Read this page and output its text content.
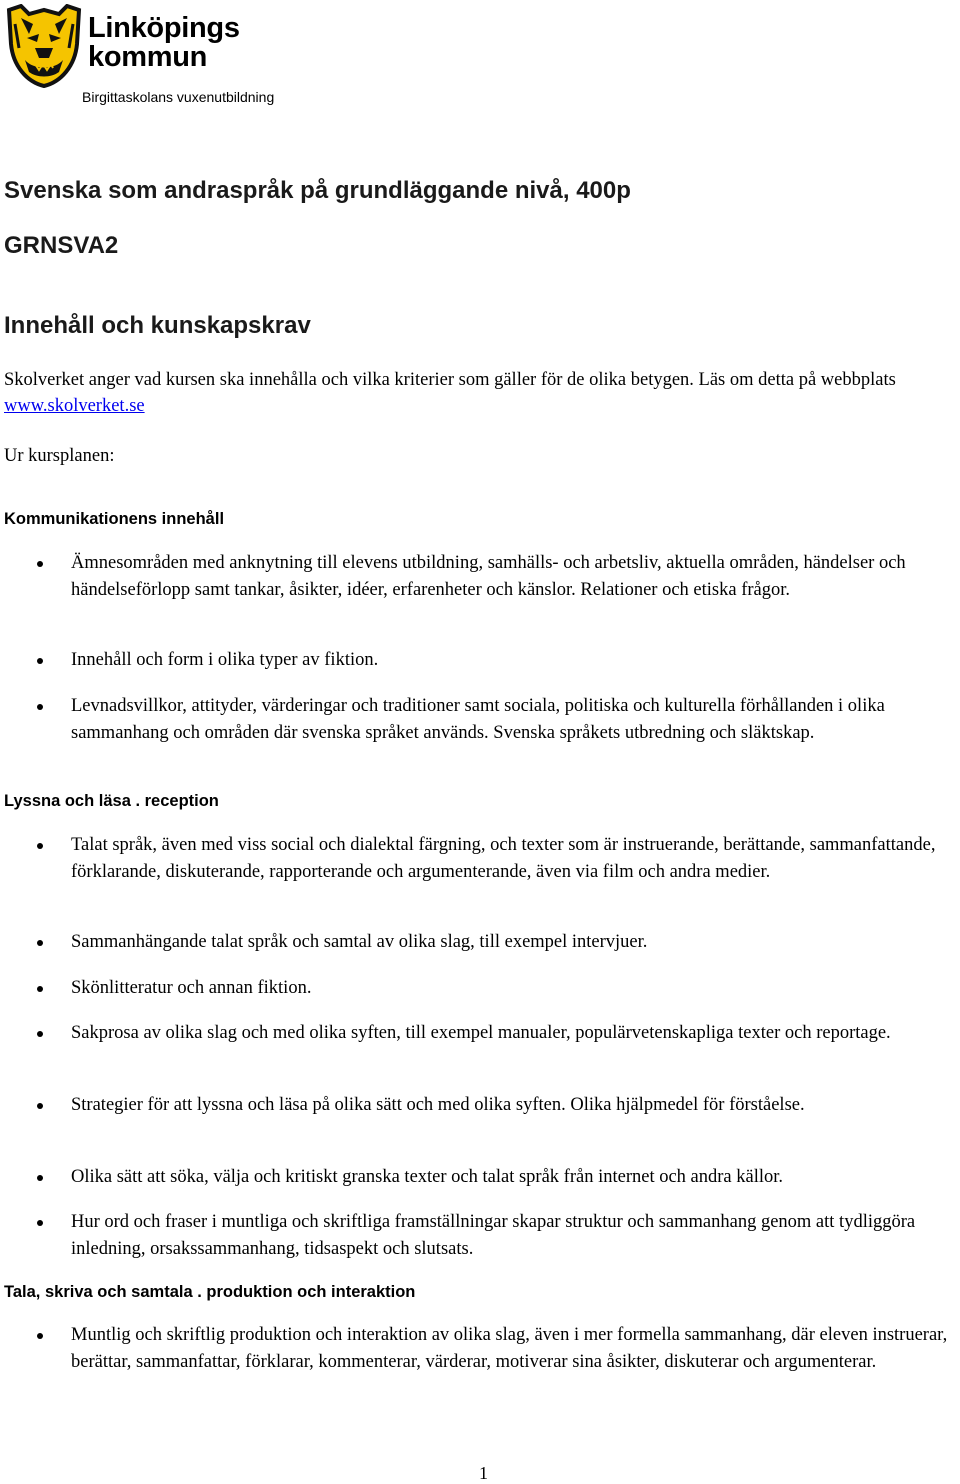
Linköpings
kommun
Birgittaskolans vuxenutbildning
Svenska som andraspråk på grundläggande nivå, 400p
GRNSVA2
Innehåll och kunskapskrav
Skolverket anger vad kursen ska innehålla och vilka kriterier som gäller för de olika betygen. Läs om detta på webbplats www.skolverket.se
Ur kursplanen:
Kommunikationens innehåll
Ämnesområden med anknytning till elevens utbildning, samhälls- och arbetsliv, aktuella områden, händelser och händelseförlopp samt tankar, åsikter, idéer, erfarenheter och känslor. Relationer och etiska frågor.
Innehåll och form i olika typer av fiktion.
Levnadsvillkor, attityder, värderingar och traditioner samt sociala, politiska och kulturella förhållanden i olika sammanhang och områden där svenska språket används. Svenska språkets utbredning och släktskap.
Lyssna och läsa . reception
Talat språk, även med viss social och dialektal färgning, och texter som är instruerande, berättande, sammanfattande, förklarande, diskuterande, rapporterande och argumenterande, även via film och andra medier.
Sammanhängande talat språk och samtal av olika slag, till exempel intervjuer.
Skönlitteratur och annan fiktion.
Sakprosa av olika slag och med olika syften, till exempel manualer, populärvetenskapliga texter och reportage.
Strategier för att lyssna och läsa på olika sätt och med olika syften. Olika hjälpmedel för förståelse.
Olika sätt att söka, välja och kritiskt granska texter och talat språk från internet och andra källor.
Hur ord och fraser i muntliga och skriftliga framställningar skapar struktur och sammanhang genom att tydliggöra inledning, orsakssammanhang, tidsaspekt och slutsats.
Tala, skriva och samtala . produktion och interaktion
Muntlig och skriftlig produktion och interaktion av olika slag, även i mer formella sammanhang, där eleven instruerar, berättar, sammanfattar, förklarar, kommenterar, värderar, motiverar sina åsikter, diskuterar och argumenterar.
1
